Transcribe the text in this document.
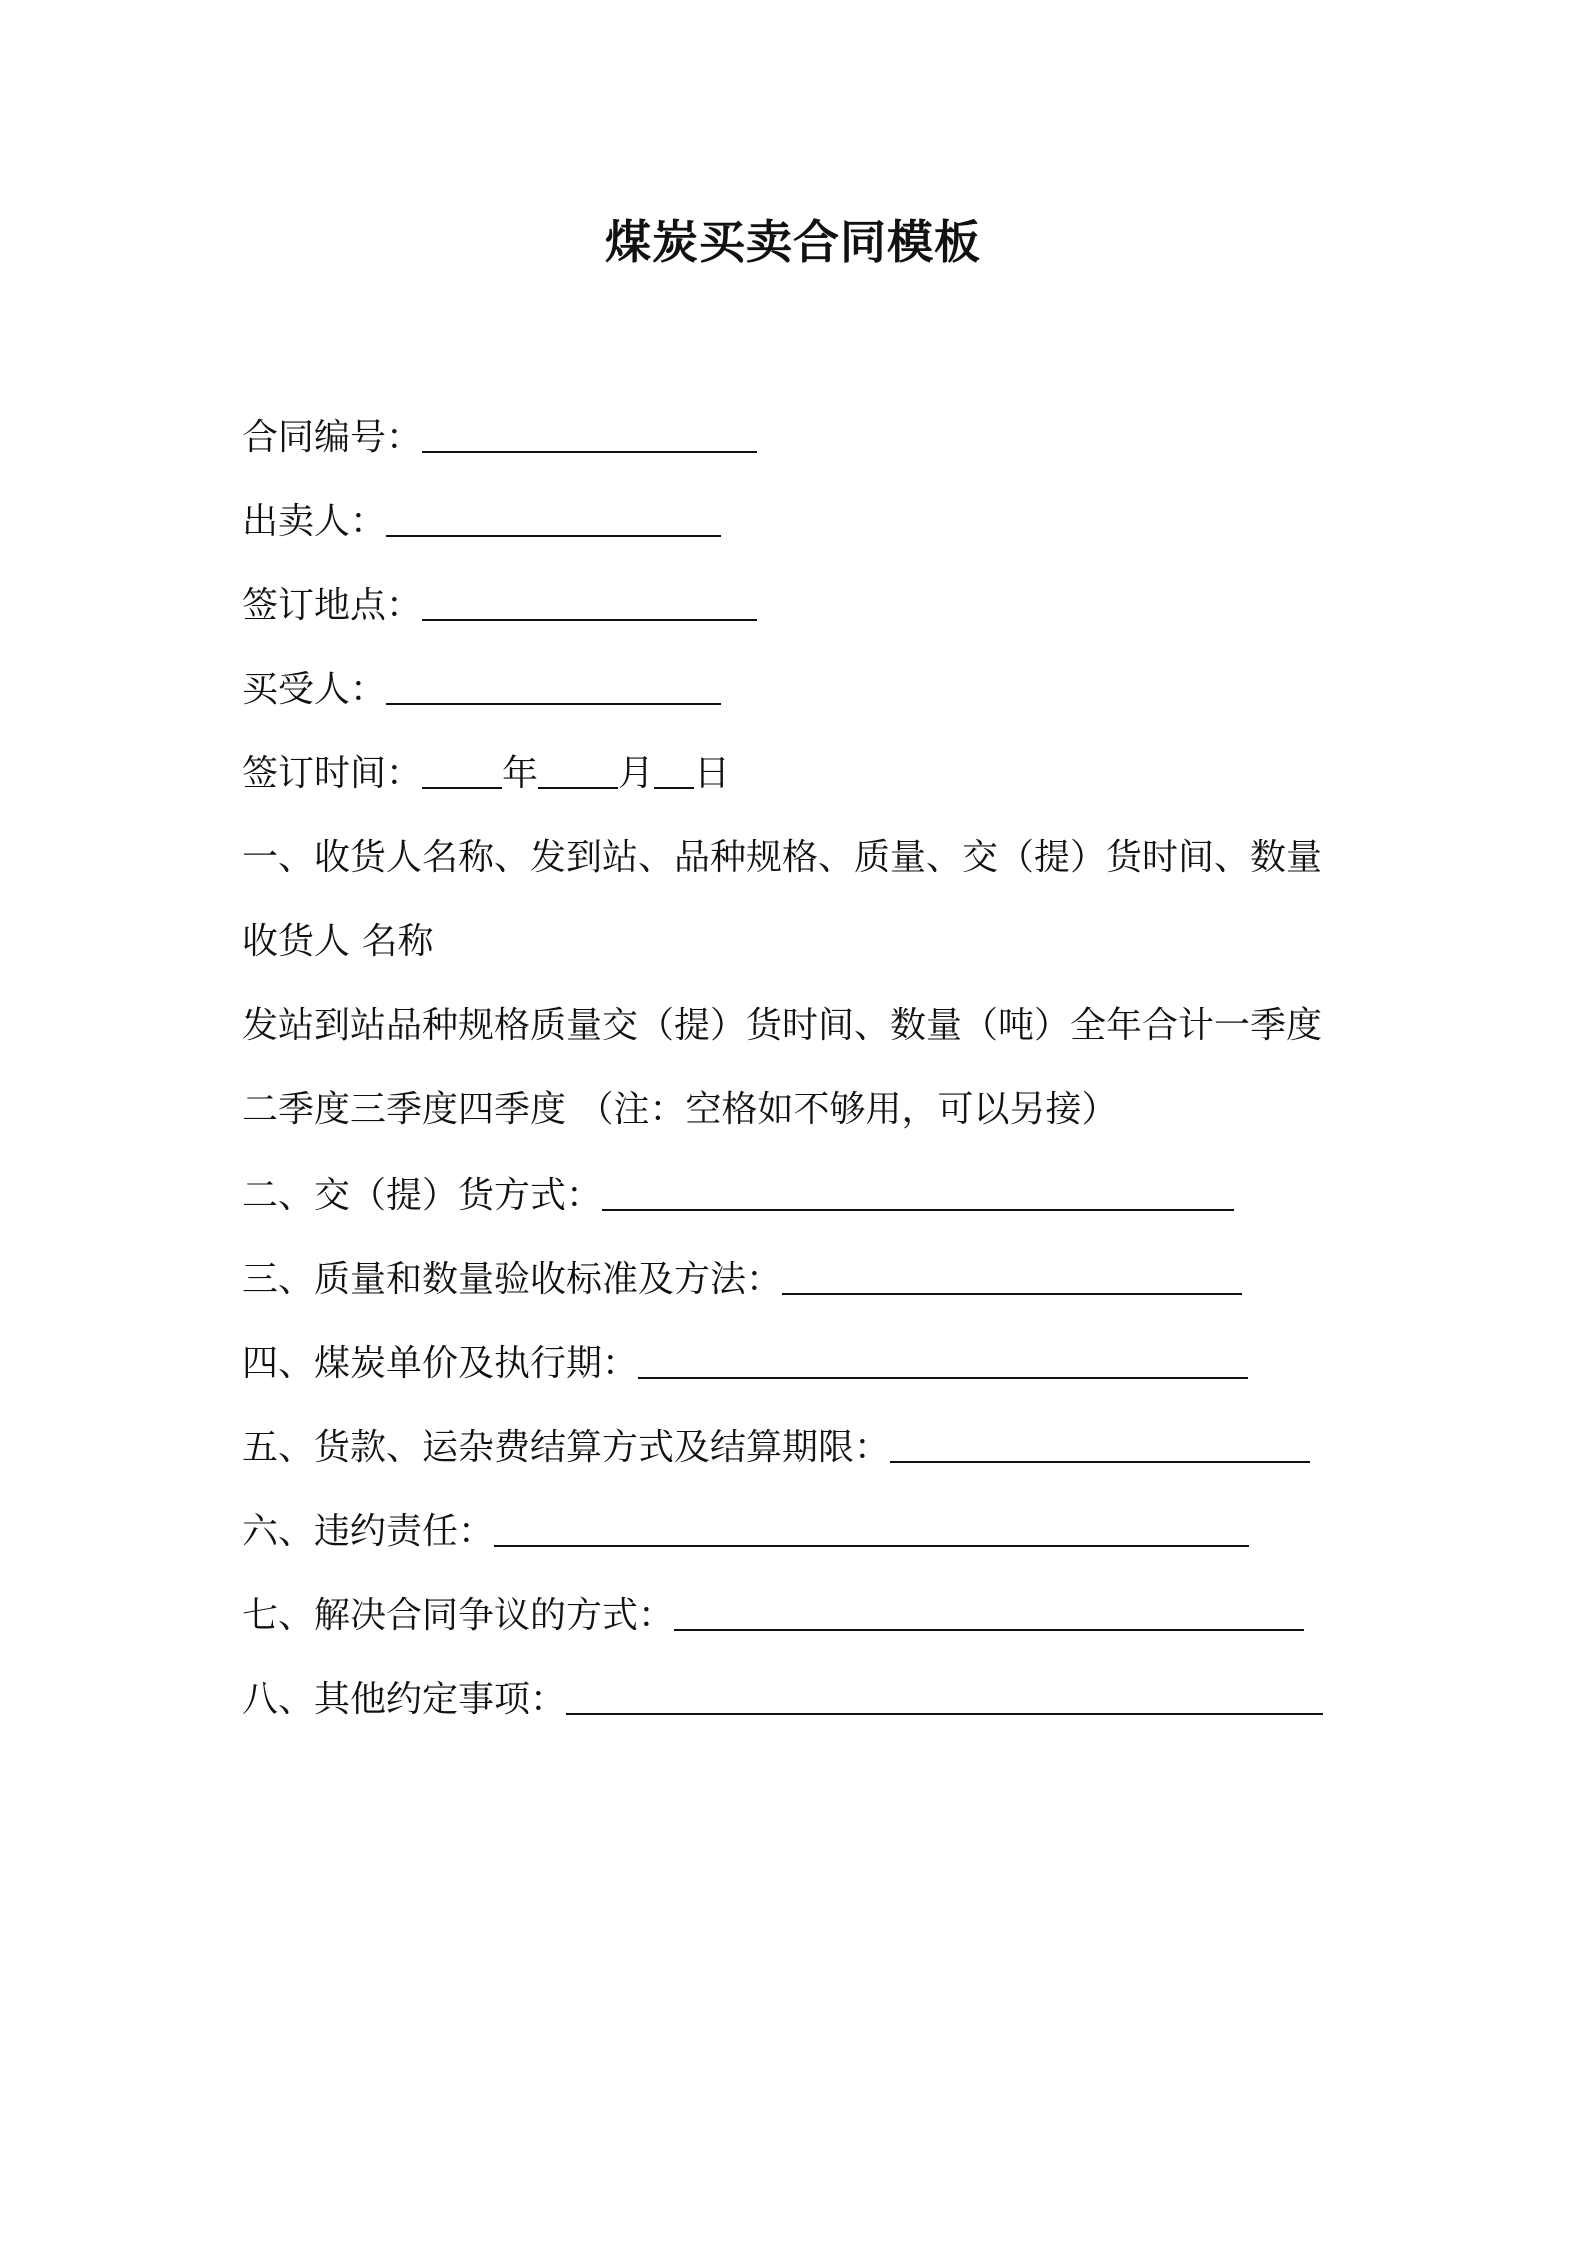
煤炭买卖合同模板
合同编号：
出卖人：
签订地点：
买受人：
签订时间： 年 月 日
一、收货人名称、发到站、品种规格、质量、交（提）货时间、数量
收货人 名称
发站到站品种规格质量交（提）货时间、数量（吨）全年合计一季度
二季度三季度四季度 （注：空格如不够用，可以另接）
二、交（提）货方式：
三、质量和数量验收标准及方法：
四、煤炭单价及执行期：
五、货款、运杂费结算方式及结算期限：
六、违约责任：
七、解决合同争议的方式：
八、其他约定事项：
